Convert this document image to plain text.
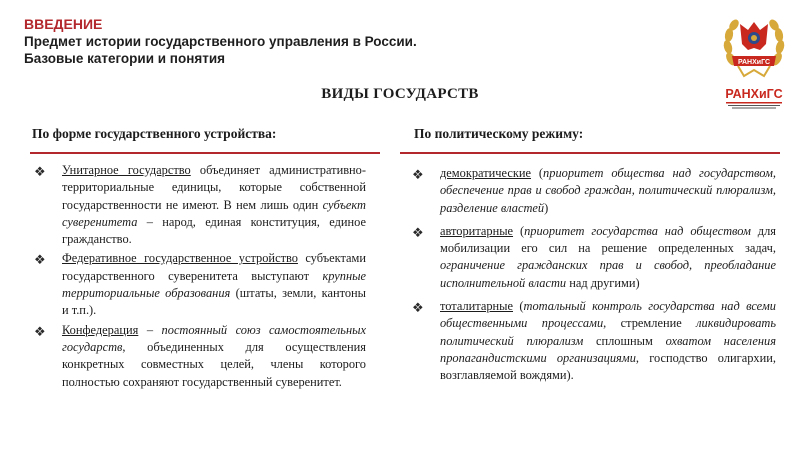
ВВЕДЕНИЕ
Предмет истории государственного управления в России.
Базовые категории и понятия	РАНХиГС
РАНХиГС
ВИДЫ ГОСУДАРСТВ
По форме государственного устройства:	По политическому режиму:
❖ Унитарное государство объединяет административно-территориальные единицы, которые собственной государственности не имеют. В нем лишь один субъект суверенитета – народ, единая конституция, единое гражданство.
❖ Федеративное государственное устройство субъектами государственного суверенитета выступают крупные территориальные образования (штаты, земли, кантоны и т.п.).
❖ Конфедерация – постоянный союз самостоятельных государств, объединенных для осуществления конкретных совместных целей, члены которого полностью сохраняют государственный суверенитет.
❖ демократические (приоритет общества над государством, обеспечение прав и свобод граждан, политический плюрализм, разделение властей)
❖ авторитарные (приоритет государства над обществом для мобилизации его сил на решение определенных задач, ограничение гражданских прав и свобод, преобладание исполнительной власти над другими)
❖ тоталитарные (тотальный контроль государства над всеми общественными процессами, стремление ликвидировать политический плюрализм сплошным охватом населения пропагандистскими организациями, господство олигархии, возглавляемой вождями).
